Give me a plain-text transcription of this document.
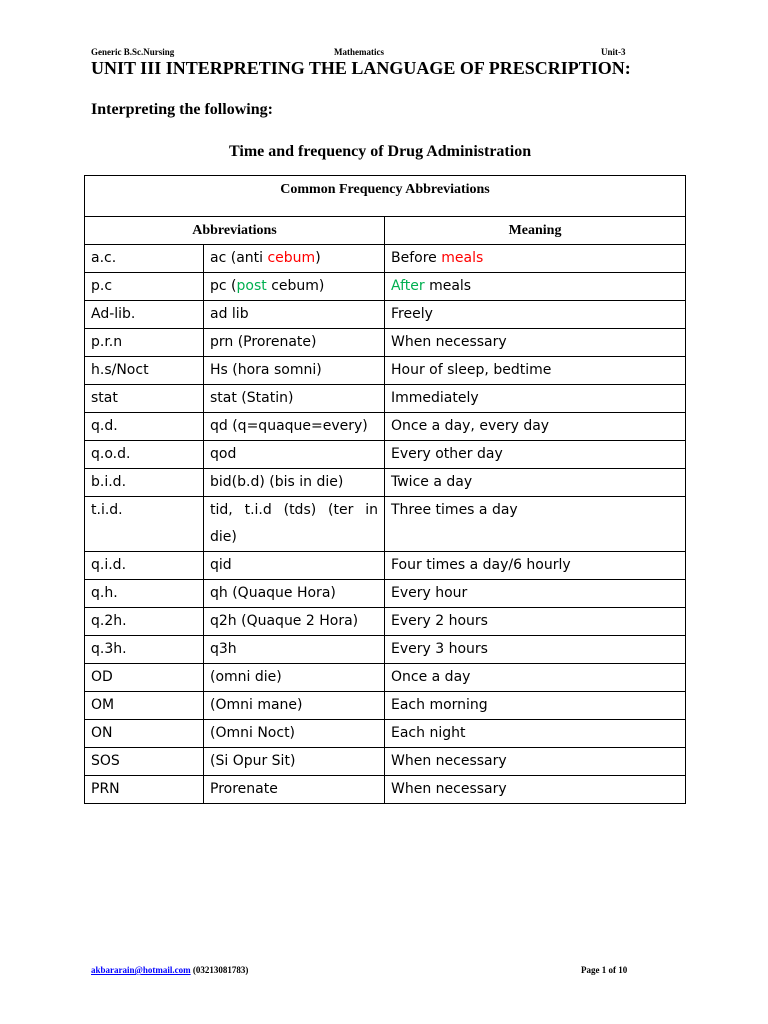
Generic B.Sc.Nursing	Mathematics	Unit-3
UNIT III INTERPRETING THE LANGUAGE OF PRESCRIPTION:
Interpreting the following:
Time and frequency of Drug Administration
Common Frequency Abbreviations		
Abbreviations		Meaning
a.c.	ac (anti cebum)	Before meals
p.c	pc (post cebum)	After meals
Ad-lib.	ad lib	Freely
p.r.n	prn (Prorenate)	When necessary
h.s/Noct	Hs (hora somni)	Hour of sleep, bedtime
stat	stat (Statin)	Immediately
q.d.	qd (q=quaque=every)	Once a day, every day
q.o.d.	qod	Every other day
b.i.d.	bid(b.d) (bis in die)	Twice a day
t.i.d.	tid, t.i.d (tds) (ter in die)	Three times a day
q.i.d.	qid	Four times a day/6 hourly
q.h.	qh (Quaque Hora)	Every hour
q.2h.	q2h (Quaque 2 Hora)	Every 2 hours
q.3h.	q3h	Every 3 hours
OD	(omni die)	Once a day
OM	(Omni mane)	Each morning
ON	(Omni Noct)	Each night
SOS	(Si Opur Sit)	When necessary
PRN	Prorenate	When necessary
akbararain@hotmail.com (03213081783)	Page 1 of 10
